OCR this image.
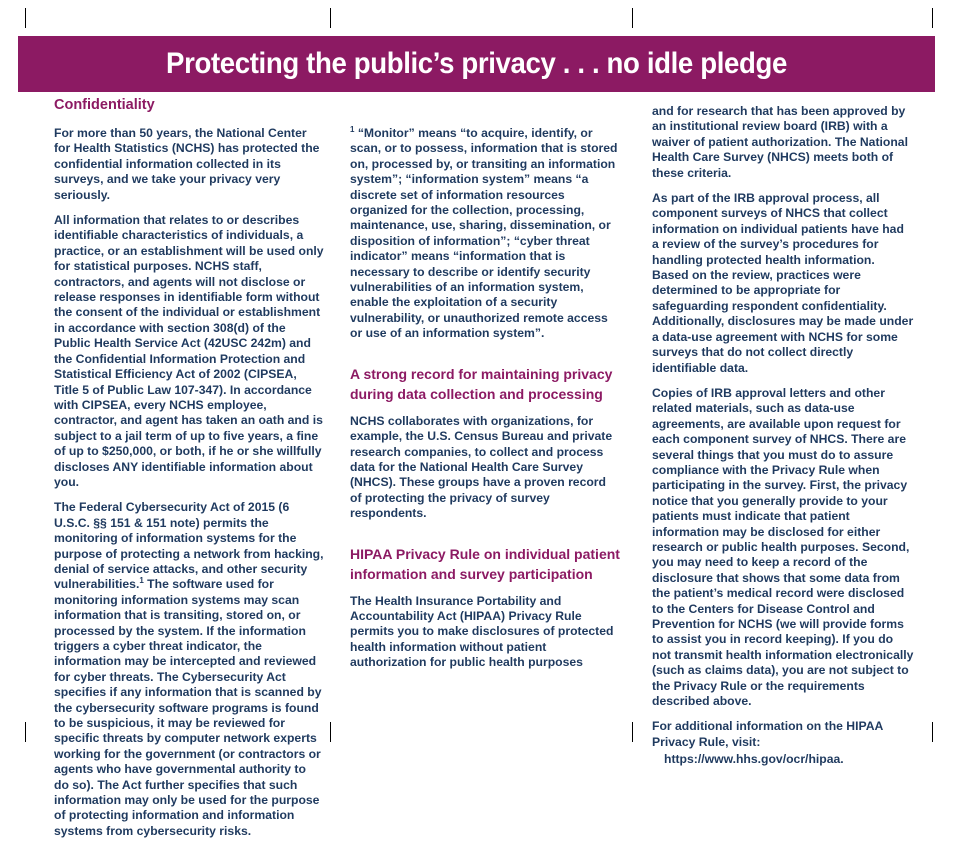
Protecting the public’s privacy . . . no idle pledge
Confidentiality

For more than 50 years, the National Center for Health Statistics (NCHS) has protected the confidential information collected in its surveys, and we take your privacy very seriously.

All information that relates to or describes identifiable characteristics of individuals, a practice, or an establishment will be used only for statistical purposes. NCHS staff, contractors, and agents will not disclose or release responses in identifiable form without the consent of the individual or establishment in accordance with section 308(d) of the Public Health Service Act (42USC 242m) and the Confidential Information Protection and Statistical Efficiency Act of 2002 (CIPSEA, Title 5 of Public Law 107-347). In accordance with CIPSEA, every NCHS employee, contractor, and agent has taken an oath and is subject to a jail term of up to five years, a fine of up to $250,000, or both, if he or she willfully discloses ANY identifiable information about you.

The Federal Cybersecurity Act of 2015 (6 U.S.C. §§ 151 & 151 note) permits the monitoring of information systems for the purpose of protecting a network from hacking, denial of service attacks, and other security vulnerabilities.$^1$ The software used for monitoring information systems may scan information that is transiting, stored on, or processed by the system. If the information triggers a cyber threat indicator, the information may be intercepted and reviewed for cyber threats. The Cybersecurity Act specifies if any information that is scanned by the cybersecurity software programs is found to be suspicious, it may be reviewed for specific threats by computer network experts working for the government (or contractors or agents who have governmental authority to do so). The Act further specifies that such information may only be used for the purpose of protecting information and information systems from cybersecurity risks.

$^1$ “Monitor” means “to acquire, identify, or scan, or to possess, information that is stored on, processed by, or transiting an information system”; “information system” means “a discrete set of information resources organized for the collection, processing, maintenance, use, sharing, dissemination, or disposition of information”; “cyber threat indicator” means “information that is necessary to describe or identify security vulnerabilities of an information system, enable the exploitation of a security vulnerability, or unauthorized remote access or use of an information system”.

A strong record for maintaining privacy during data collection and processing

NCHS collaborates with organizations, for example, the U.S. Census Bureau and private research companies, to collect and process data for the National Health Care Survey (NHCS). These groups have a proven record of protecting the privacy of survey respondents.

HIPAA Privacy Rule on individual patient information and survey participation

The Health Insurance Portability and Accountability Act (HIPAA) Privacy Rule permits you to make disclosures of protected health information without patient authorization for public health purposes

and for research that has been approved by an institutional review board (IRB) with a waiver of patient authorization. The National Health Care Survey (NHCS) meets both of these criteria.

As part of the IRB approval process, all component surveys of NHCS that collect information on individual patients have had a review of the survey’s procedures for handling protected health information. Based on the review, practices were determined to be appropriate for safeguarding respondent confidentiality. Additionally, disclosures may be made under a data-use agreement with NCHS for some surveys that do not collect directly identifiable data.

Copies of IRB approval letters and other related materials, such as data-use agreements, are available upon request for each component survey of NHCS. There are several things that you must do to assure compliance with the Privacy Rule when participating in the survey. First, the privacy notice that you generally provide to your patients must indicate that patient information may be disclosed for either research or public health purposes. Second, you may need to keep a record of the disclosure that shows that some data from the patient’s medical record were disclosed to the Centers for Disease Control and Prevention for NCHS (we will provide forms to assist you in record keeping). If you do not transmit health information electronically (such as claims data), you are not subject to the Privacy Rule or the requirements described above.

For additional information on the HIPAA Privacy Rule, visit:

https://www.hhs.gov/ocr/hipaa.
